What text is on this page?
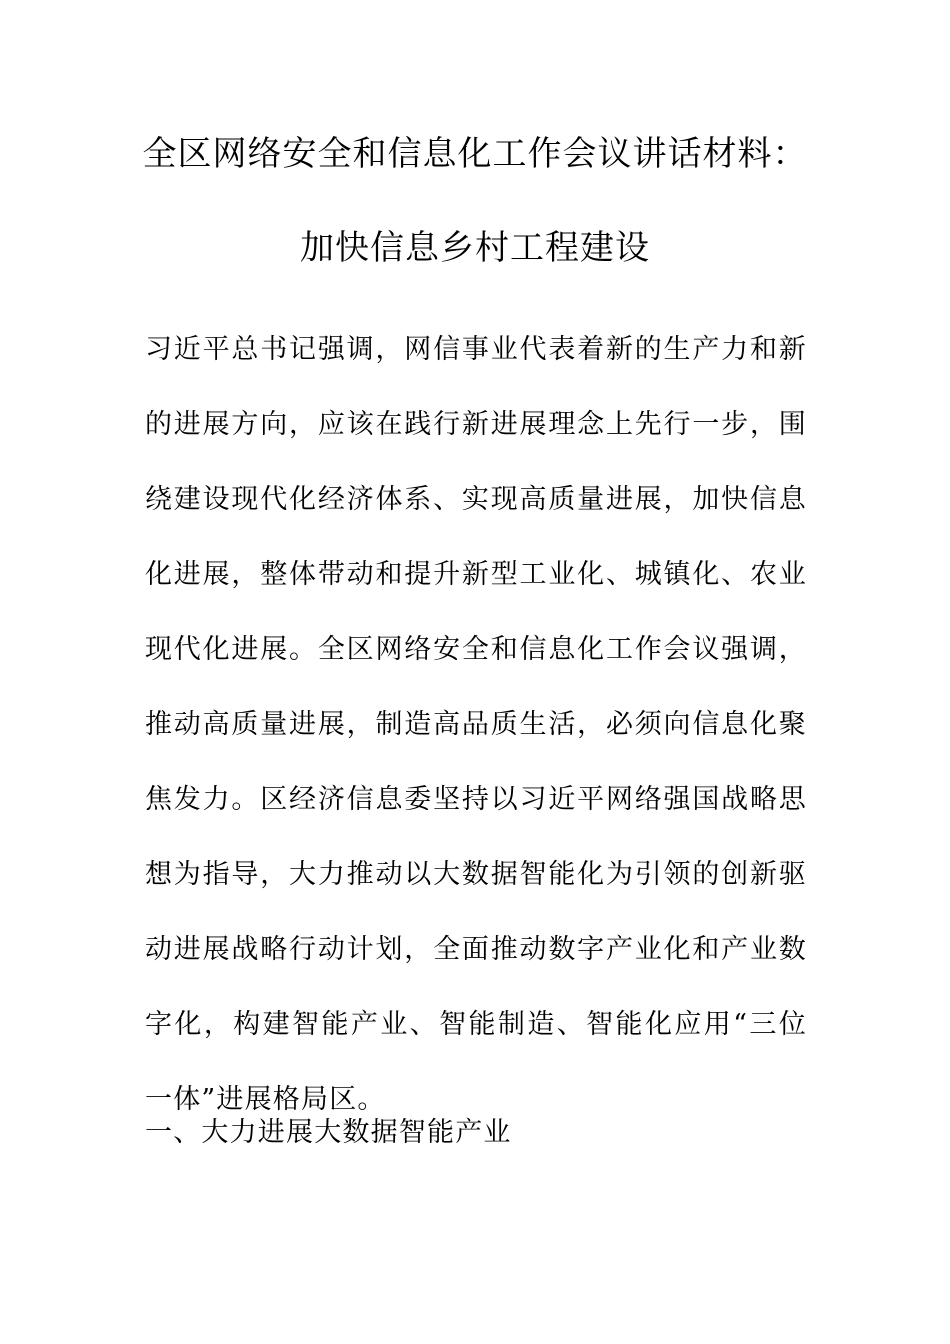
全区网络安全和信息化工作会议讲话材料：
加快信息乡村工程建设

习近平总书记强调，网信事业代表着新的生产力和新的进展方向，应该在践行新进展理念上先行一步，围绕建设现代化经济体系、实现高质量进展，加快信息化进展，整体带动和提升新型工业化、城镇化、农业现代化进展。全区网络安全和信息化工作会议强调，推动高质量进展，制造高品质生活，必须向信息化聚焦发力。区经济信息委坚持以习近平网络强国战略思想为指导，大力推动以大数据智能化为引领的创新驱动进展战略行动计划，全面推动数字产业化和产业数字化，构建智能产业、智能制造、智能化应用“三位一体”进展格局区。

一、大力进展大数据智能产业
